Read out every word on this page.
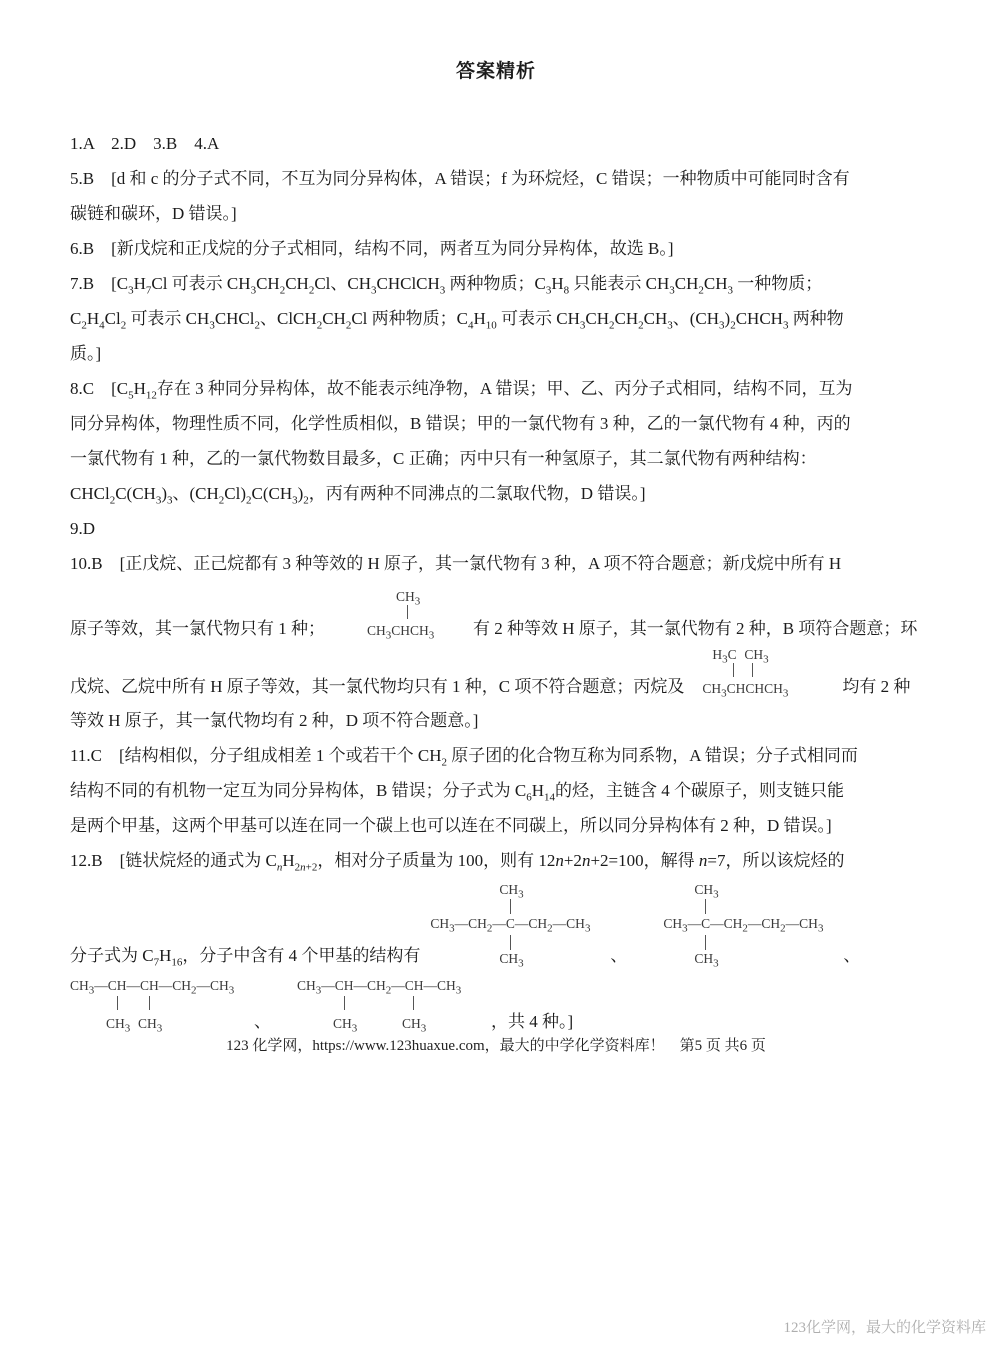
答案精析
1.A　2.D　3.B　4.A
5.B　[d 和 c 的分子式不同，不互为同分异构体，A 错误；f 为环烷烃，C 错误；一种物质中可能同时含有
碳链和碳环，D 错误。]
6.B　[新戊烷和正戊烷的分子式相同，结构不同，两者互为同分异构体，故选 B。]
7.B　[$C_3H_7Cl$ 可表示 $CH_3CH_2CH_2Cl$、$CH_3CHClCH_3$ 两种物质；$C_3H_8$ 只能表示 $CH_3CH_2CH_3$ 一种物质；
$C_2H_4Cl_2$ 可表示 $CH_3CHCl_2$、$ClCH_2CH_2Cl$ 两种物质；$C_4H_{10}$ 可表示 $CH_3CH_2CH_2CH_3$、$(CH_3)_2CHCH_3$ 两种物
质。]
8.C　[$C_5H_{12}$存在 3 种同分异构体，故不能表示纯净物，A 错误；甲、乙、丙分子式相同，结构不同，互为
同分异构体，物理性质不同，化学性质相似，B 错误；甲的一氯代物有 3 种，乙的一氯代物有 4 种，丙的
一氯代物有 1 种，乙的一氯代物数目最多，C 正确；丙中只有一种氢原子，其二氯代物有两种结构：
$CHCl_2C(CH_3)_3$、$(CH_2Cl)_2C(CH_3)_2$，丙有两种不同沸点的二氯取代物，D 错误。]
9.D
10.B　[正戊烷、正己烷都有 3 种等效的 H 原子，其一氯代物有 3 种，A 项不符合题意；新戊烷中所有 H
原子等效，其一氯代物只有 1 种；
$CH_3$
$CH_3CHCH_3$ 有 2 种等效 H 原子，其一氯代物有 2 种，B 项符合题意；环
戊烷、乙烷中所有 H 原子等效，其一氯代物均只有 1 种，C 项不符合题意；丙烷及
$H_3C$ $CH_3$
$CH_3CHCHCH_3$	均有 2 种
等效 H 原子，其一氯代物均有 2 种，D 项不符合题意。]
11.C　[结构相似，分子组成相差 1 个或若干个 $CH_2$ 原子团的化合物互称为同系物，A 错误；分子式相同而
结构不同的有机物一定互为同分异构体，B 错误；分子式为 $C_6H_{14}$的烃，主链含 4 个碳原子，则支链只能
是两个甲基，这两个甲基可以连在同一个碳上也可以连在不同碳上，所以同分异构体有 2 种，D 错误。]
12.B　[链状烷烃的通式为 $C_nH_{2n+2}$，相对分子质量为 100，则有 12n+2n+2=100，解得 n=7，所以该烷烃的
分子式为 $C_7H_{16}$，分子中含有 4 个甲基的结构有
$CH_3$
$CH_3—CH_2—C—CH_2—CH_3$
$CH_3$	、
$CH_3$
$CH_3—C—CH_2—CH_2—CH_3$
$CH_3$	、
$CH_3—CH—CH—CH_2—CH_3$
$CH_3$ $CH_3$	、
$CH_3—CH—CH_2—CH—CH_3$
$CH_3$	$CH_3$	，共 4 种。]
123 化学网，https://www.123huaxue.com，最大的中学化学资料库！　第5 页 共6 页
123化学网，最大的化学资料库
